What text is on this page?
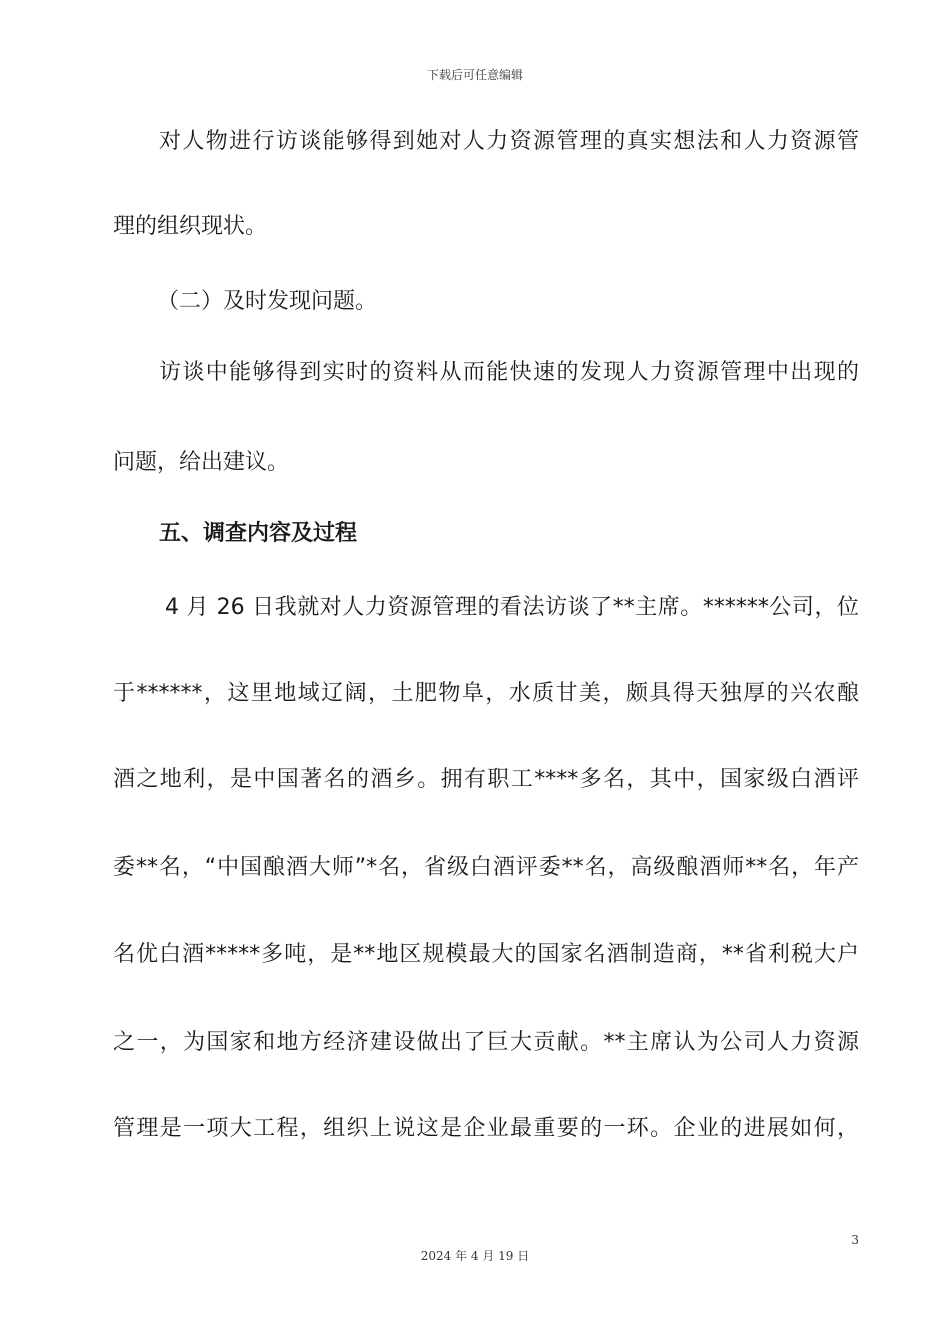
下载后可任意编辑
对人物进行访谈能够得到她对人力资源管理的真实想法和人力资源管
理的组织现状。
（二）及时发现问题。
访谈中能够得到实时的资料从而能快速的发现人力资源管理中出现的
问题，给出建议。
五、调查内容及过程
4 月 26 日我就对人力资源管理的看法访谈了**主席。******公司，位
于******，这里地域辽阔，土肥物阜，水质甘美，颇具得天独厚的兴农酿
酒之地利，是中国著名的酒乡。拥有职工****多名，其中，国家级白酒评
委**名，“中国酿酒大师”*名，省级白酒评委**名，高级酿酒师**名，年产
名优白酒*****多吨，是**地区规模最大的国家名酒制造商，**省利税大户
之一，为国家和地方经济建设做出了巨大贡献。**主席认为公司人力资源
管理是一项大工程，组织上说这是企业最重要的一环。企业的进展如何，
3
2024 年 4 月 19 日
